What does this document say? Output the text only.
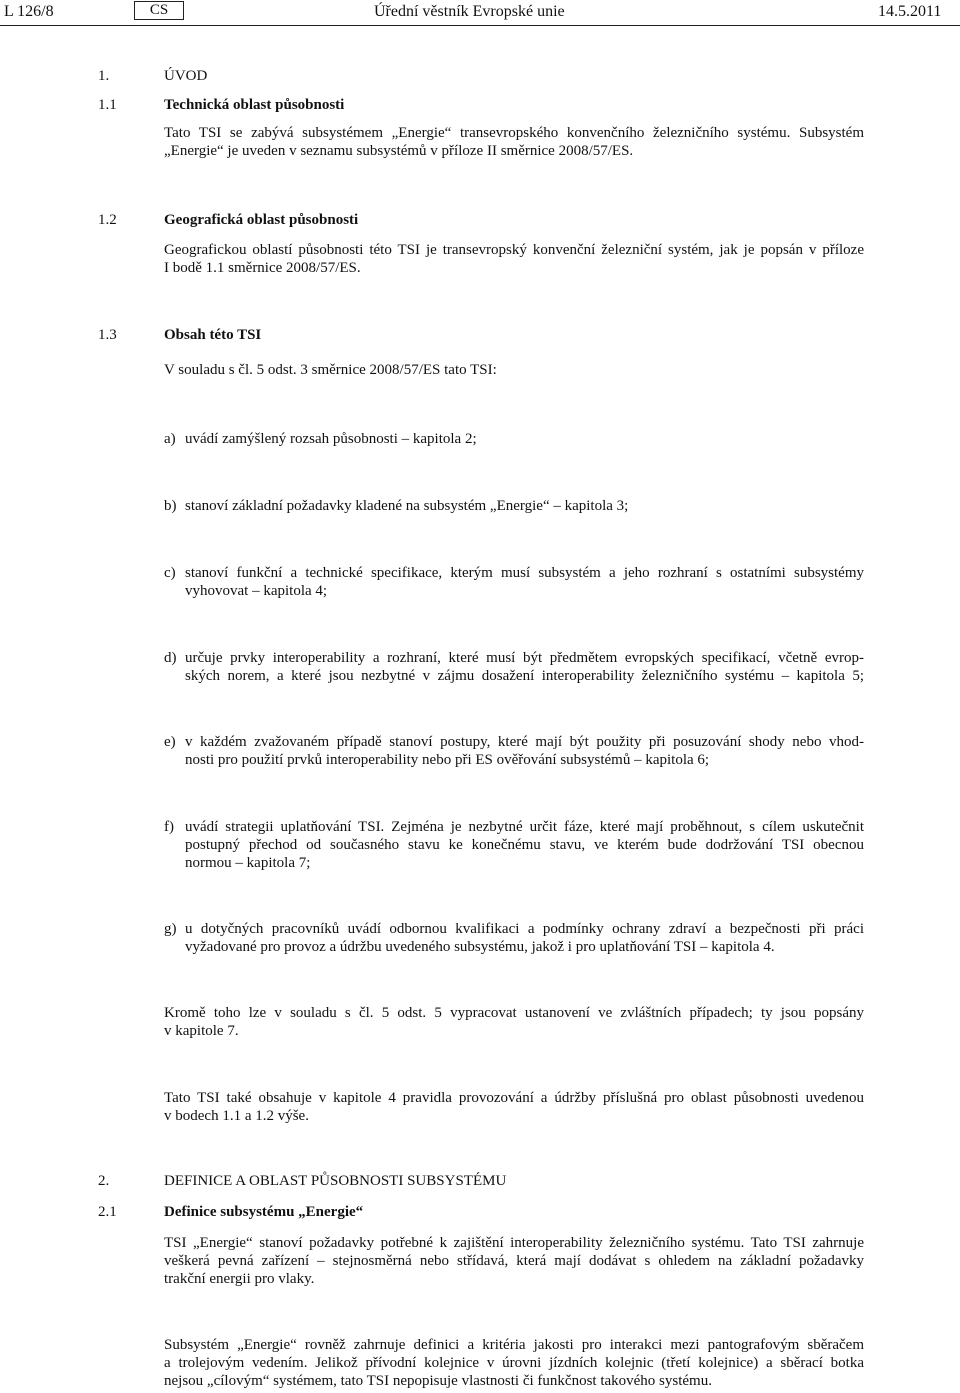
L 126/8	CS	Úřední věstník Evropské unie	14.5.2011
1.	ÚVOD
1.1	Technická oblast působnosti
Tato TSI se zabývá subsystémem „Energie“ transevropského konvenčního železničního systému. Subsystém
„Energie“ je uveden v seznamu subsystémů v příloze II směrnice 2008/57/ES.
1.2	Geografická oblast působnosti
Geografickou oblastí působnosti této TSI je transevropský konvenční železniční systém, jak je popsán v příloze
I bodě 1.1 směrnice 2008/57/ES.
1.3	Obsah této TSI
V souladu s čl. 5 odst. 3 směrnice 2008/57/ES tato TSI:
a) uvádí zamýšlený rozsah působnosti – kapitola 2;
b) stanoví základní požadavky kladené na subsystém „Energie“ – kapitola 3;
c) stanoví funkční a technické specifikace, kterým musí subsystém a jeho rozhraní s ostatními subsystémy
vyhovovat – kapitola 4;
d) určuje prvky interoperability a rozhraní, které musí být předmětem evropských specifikací, včetně evrop-
ských norem, a které jsou nezbytné v zájmu dosažení interoperability železničního systému – kapitola 5;
e) v každém zvažovaném případě stanoví postupy, které mají být použity při posuzování shody nebo vhod-
nosti pro použití prvků interoperability nebo při ES ověřování subsystémů – kapitola 6;
f) uvádí strategii uplatňování TSI. Zejména je nezbytné určit fáze, které mají proběhnout, s cílem uskutečnit
postupný přechod od současného stavu ke konečnému stavu, ve kterém bude dodržování TSI obecnou
normou – kapitola 7;
g) u dotyčných pracovníků uvádí odbornou kvalifikaci a podmínky ochrany zdraví a bezpečnosti při práci
vyžadované pro provoz a údržbu uvedeného subsystému, jakož i pro uplatňování TSI – kapitola 4.
Kromě toho lze v souladu s čl. 5 odst. 5 vypracovat ustanovení ve zvláštních případech; ty jsou popsány
v kapitole 7.
Tato TSI také obsahuje v kapitole 4 pravidla provozování a údržby příslušná pro oblast působnosti uvedenou
v bodech 1.1 a 1.2 výše.
2.	DEFINICE A OBLAST PŮSOBNOSTI SUBSYSTÉMU
2.1	Definice subsystému „Energie“
TSI „Energie“ stanoví požadavky potřebné k zajištění interoperability železničního systému. Tato TSI zahrnuje
veškerá pevná zařízení – stejnosměrná nebo střídavá, která mají dodávat s ohledem na základní požadavky
trakční energii pro vlaky.
Subsystém „Energie“ rovněž zahrnuje definici a kritéria jakosti pro interakci mezi pantografovým sběračem
a trolejovým vedením. Jelikož přívodní kolejnice v úrovni jízdních kolejnic (třetí kolejnice) a sběrací botka
nejsou „cílovým“ systémem, tato TSI nepopisuje vlastnosti či funkčnost takového systému.
